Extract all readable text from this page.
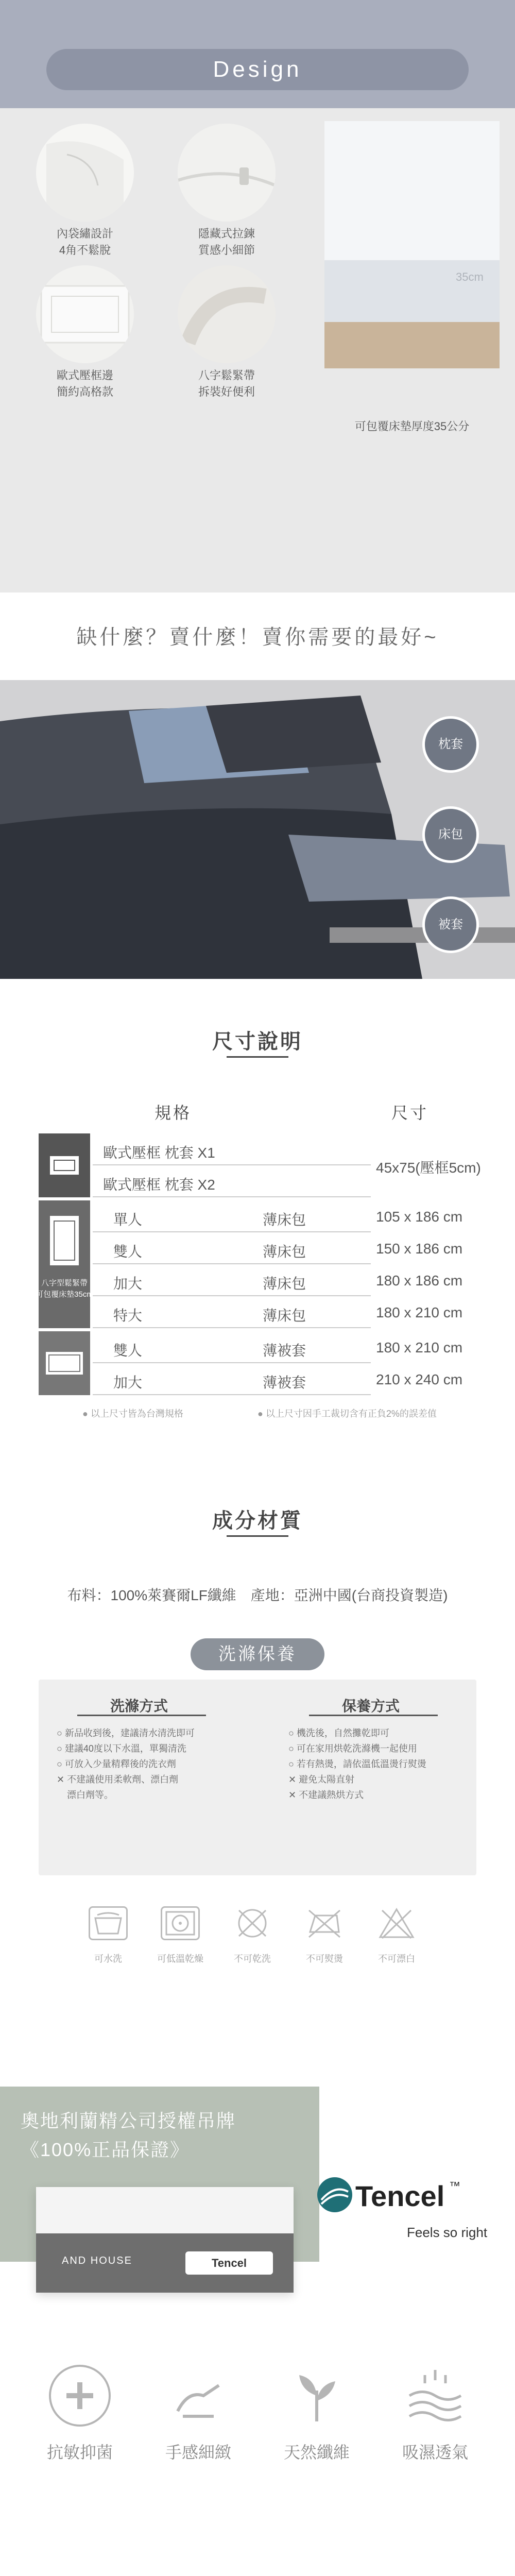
Design
內袋繡設計
4角不鬆脫
隱藏式拉鍊
質感小細節
歐式壓框邊
簡約高格款
八字鬆緊帶
拆裝好便利
35cm
可包覆床墊厚度35公分
缺什麼？賣什麼！賣你需要的最好~
枕套
床包
被套
尺寸說明
規格	尺寸
歐式壓框 枕套 X1
歐式壓框 枕套 X2
45x75(壓框5cm)
八字型鬆緊帶
可包覆床墊35cm
單人	薄床包	105 x 186 cm
雙人	薄床包	150 x 186 cm
加大	薄床包	180 x 186 cm
特大	薄床包	180 x 210 cm
雙人	薄被套	180 x 210 cm
加大	薄被套	210 x 240 cm
● 以上尺寸皆為台灣規格	● 以上尺寸因手工裁切含有正負2%的誤差值
成分材質
布料：100%萊賽爾LF纖維　產地：亞洲中國(台商投資製造)
洗滌保養
洗滌方式
○ 新品收到後，建議清水清洗即可
○ 建議40度以下水溫，單獨清洗
○ 可放入少量精釋後的洗衣劑
✕ 不建議使用柔軟劑、漂白劑
漂白劑等。
保養方式
○ 機洗後，自然攤乾即可
○ 可在家用烘乾洗滌機一起使用
○ 若有熱燙，請依溫低溫燙行熨燙
✕ 避免太陽直射
✕ 不建議熱烘方式
可水洗	可低溫乾燥	不可乾洗	不可熨燙	不可漂白
奧地利蘭精公司授權吊牌
《100%正品保證》
AND HOUSE	Tencel
Tencel ™
Feels so right
抗敏抑菌	手感細緻	天然纖維	吸濕透氣
